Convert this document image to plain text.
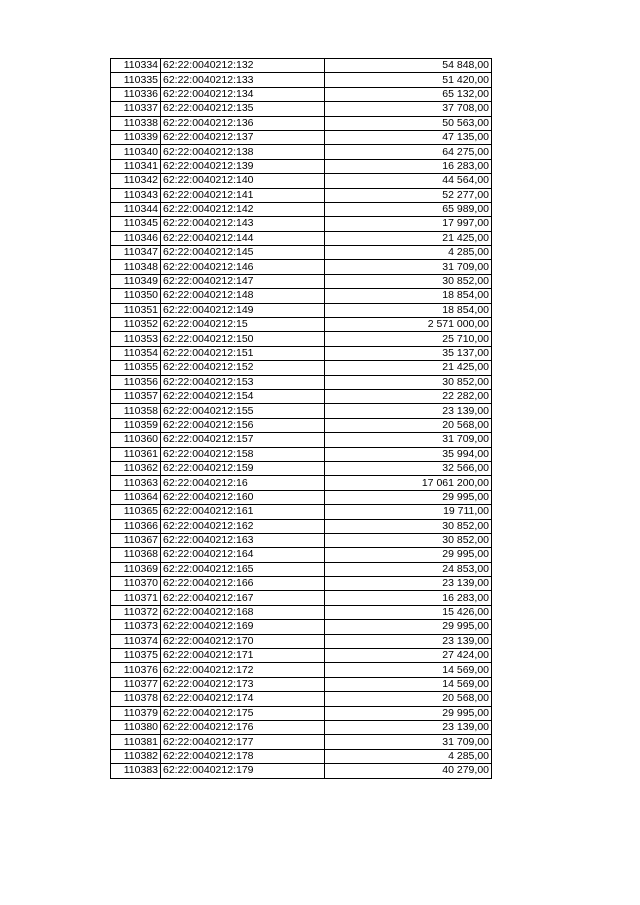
110334	62:22:0040212:132	54 848,00
110335	62:22:0040212:133	51 420,00
110336	62:22:0040212:134	65 132,00
110337	62:22:0040212:135	37 708,00
110338	62:22:0040212:136	50 563,00
110339	62:22:0040212:137	47 135,00
110340	62:22:0040212:138	64 275,00
110341	62:22:0040212:139	16 283,00
110342	62:22:0040212:140	44 564,00
110343	62:22:0040212:141	52 277,00
110344	62:22:0040212:142	65 989,00
110345	62:22:0040212:143	17 997,00
110346	62:22:0040212:144	21 425,00
110347	62:22:0040212:145	4 285,00
110348	62:22:0040212:146	31 709,00
110349	62:22:0040212:147	30 852,00
110350	62:22:0040212:148	18 854,00
110351	62:22:0040212:149	18 854,00
110352	62:22:0040212:15	2 571 000,00
110353	62:22:0040212:150	25 710,00
110354	62:22:0040212:151	35 137,00
110355	62:22:0040212:152	21 425,00
110356	62:22:0040212:153	30 852,00
110357	62:22:0040212:154	22 282,00
110358	62:22:0040212:155	23 139,00
110359	62:22:0040212:156	20 568,00
110360	62:22:0040212:157	31 709,00
110361	62:22:0040212:158	35 994,00
110362	62:22:0040212:159	32 566,00
110363	62:22:0040212:16	17 061 200,00
110364	62:22:0040212:160	29 995,00
110365	62:22:0040212:161	19 711,00
110366	62:22:0040212:162	30 852,00
110367	62:22:0040212:163	30 852,00
110368	62:22:0040212:164	29 995,00
110369	62:22:0040212:165	24 853,00
110370	62:22:0040212:166	23 139,00
110371	62:22:0040212:167	16 283,00
110372	62:22:0040212:168	15 426,00
110373	62:22:0040212:169	29 995,00
110374	62:22:0040212:170	23 139,00
110375	62:22:0040212:171	27 424,00
110376	62:22:0040212:172	14 569,00
110377	62:22:0040212:173	14 569,00
110378	62:22:0040212:174	20 568,00
110379	62:22:0040212:175	29 995,00
110380	62:22:0040212:176	23 139,00
110381	62:22:0040212:177	31 709,00
110382	62:22:0040212:178	4 285,00
110383	62:22:0040212:179	40 279,00
